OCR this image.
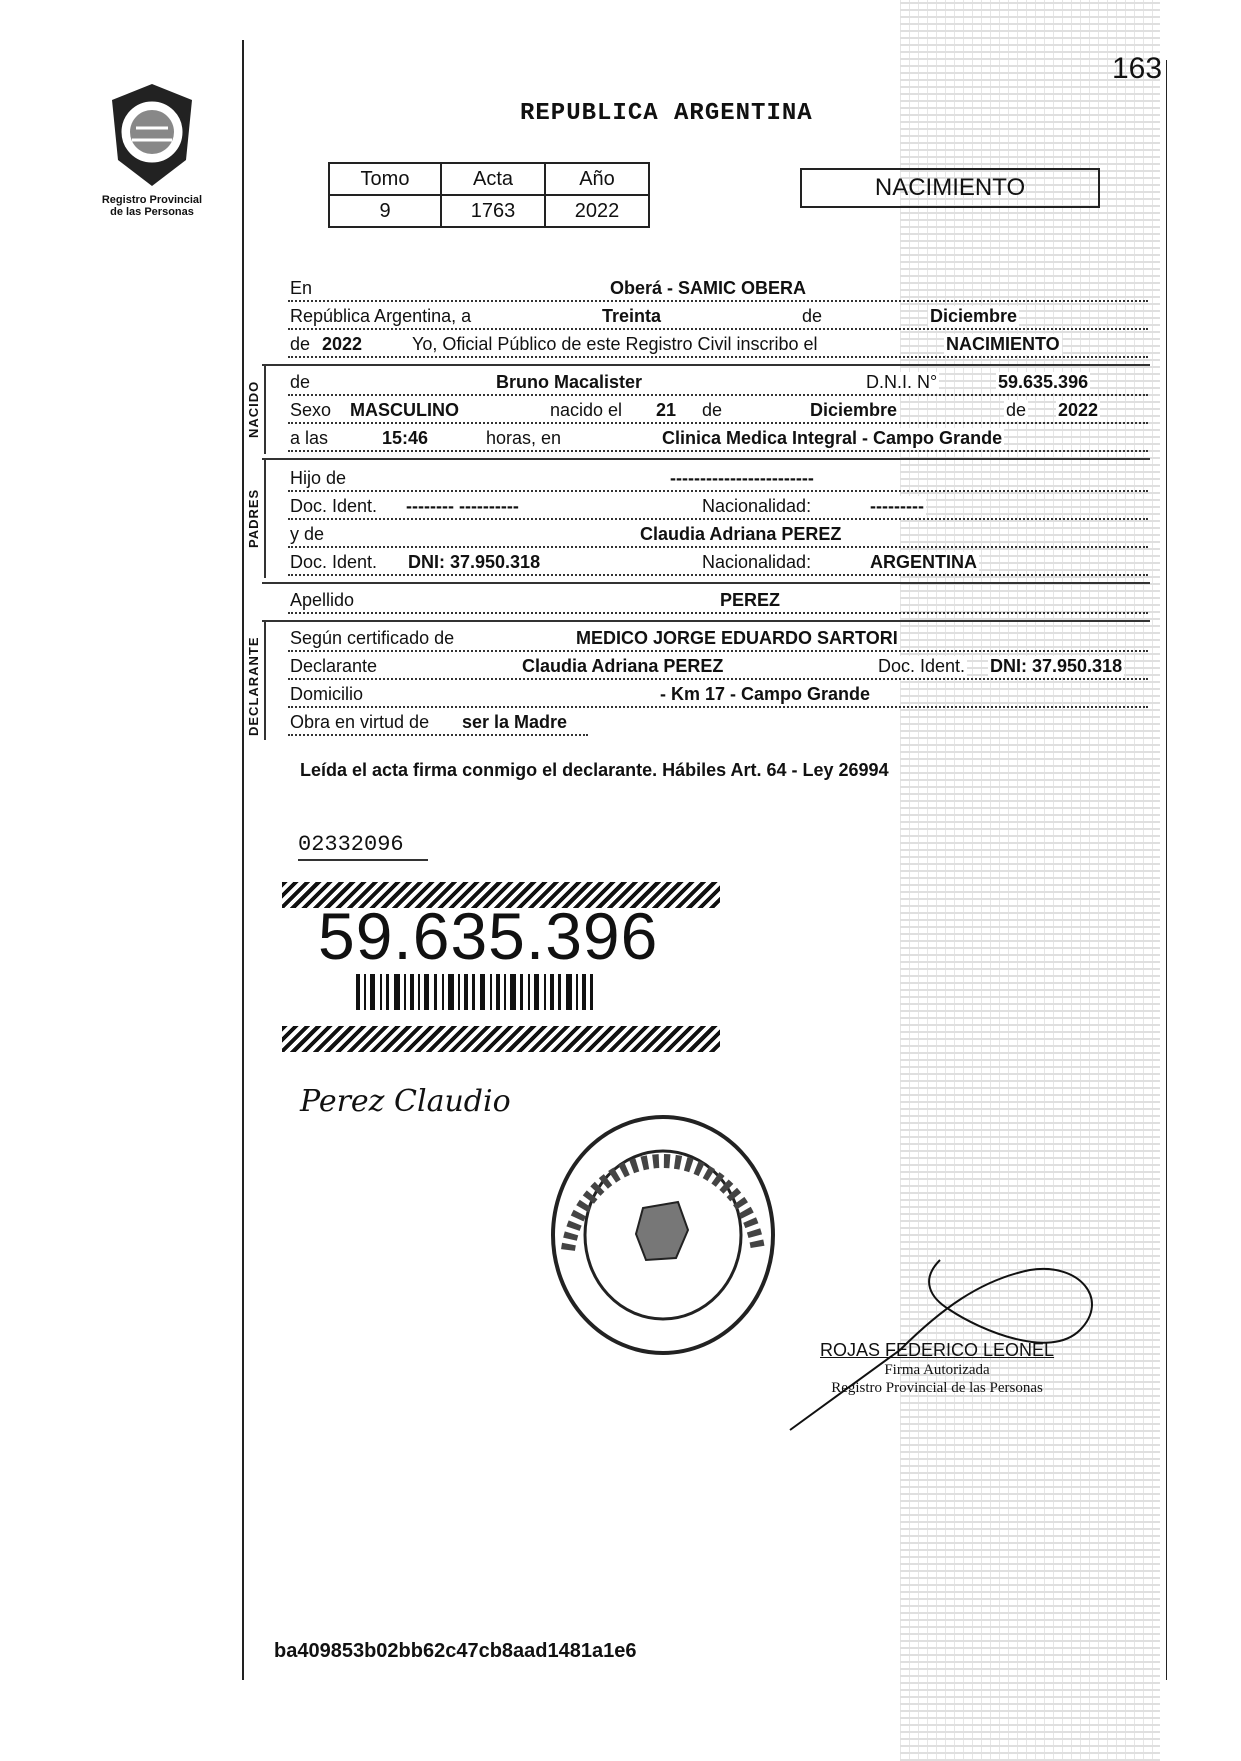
Registro Provincial
de las Personas
REPUBLICA ARGENTINA
163
Tomo	Acta	Año
9	1763	2022
NACIMIENTO
En	Oberá - SAMIC OBERA
República Argentina, a	Treinta	de	Diciembre
de 2022	Yo, Oficial Público de este Registro Civil inscribo el	NACIMIENTO
NACIDO de	Bruno Macalister	D.N.I. N°	59.635.396
Sexo MASCULINO	nacido el 21 de	Diciembre	de 2022
a las	15:46	horas, en	Clinica Medica Integral - Campo Grande
PADRES
Hijo de	------------------------
Doc. Ident. -------- ----------	Nacionalidad:	---------
y de	Claudia Adriana PEREZ
Doc. Ident. DNI: 37.950.318	Nacionalidad:	ARGENTINA
Apellido	PEREZ
DECLARANTE Según certificado de	MEDICO JORGE EDUARDO SARTORI
Declarante	Claudia Adriana PEREZ	Doc. Ident. DNI: 37.950.318
Domicilio	- Km 17 - Campo Grande
Obra en virtud de ser la Madre
Leída el acta firma conmigo el declarante. Hábiles Art. 64 - Ley 26994
02332096
59.635.396
Perez Claudio
ROJAS FEDERICO LEONEL
Firma Autorizada
Registro Provincial de las Personas
ba409853b02bb62c47cb8aad1481a1e6
